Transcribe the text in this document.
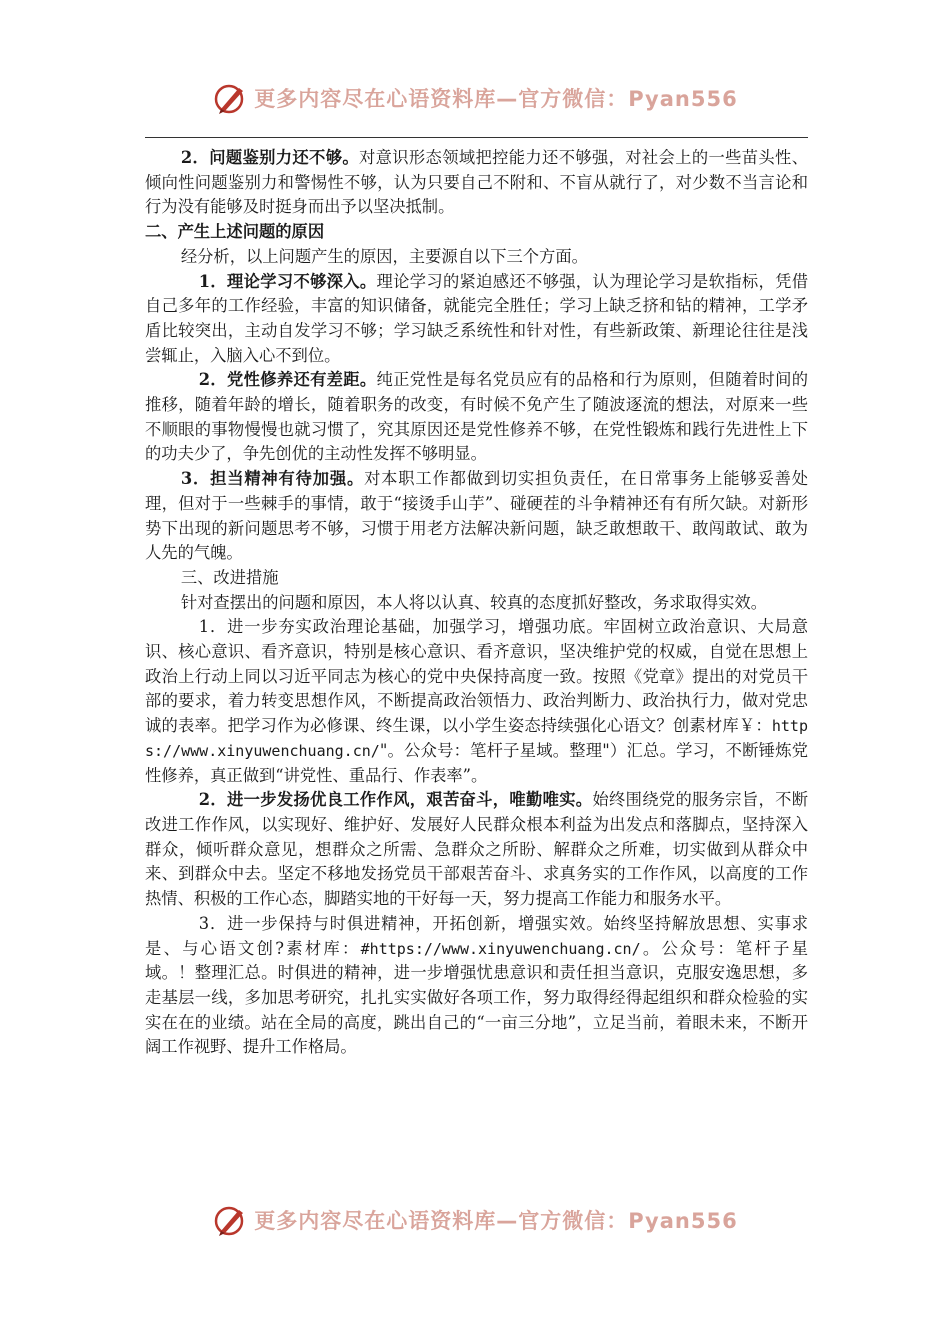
更多内容尽在心语资料库—官方微信：Pyan556

2．问题鉴别力还不够。对意识形态领域把控能力还不够强，对社会上的一些苗头性、倾向性问题鉴别力和警惕性不够，认为只要自己不附和、不盲从就行了，对少数不当言论和行为没有能够及时挺身而出予以坚决抵制。

二、产生上述问题的原因

经分析，以上问题产生的原因，主要源自以下三个方面。

1．理论学习不够深入。理论学习的紧迫感还不够强，认为理论学习是软指标，凭借自己多年的工作经验，丰富的知识储备，就能完全胜任；学习上缺乏挤和钻的精神，工学矛盾比较突出，主动自发学习不够；学习缺乏系统性和针对性，有些新政策、新理论往往是浅尝辄止，入脑入心不到位。

2．党性修养还有差距。纯正党性是每名党员应有的品格和行为原则，但随着时间的推移，随着年龄的增长，随着职务的改变，有时候不免产生了随波逐流的想法，对原来一些不顺眼的事物慢慢也就习惯了，究其原因还是党性修养不够，在党性锻炼和践行先进性上下的功夫少了，争先创优的主动性发挥不够明显。

3．担当精神有待加强。对本职工作都做到切实担负责任，在日常事务上能够妥善处理，但对于一些棘手的事情，敢于“接烫手山芋”、碰硬茬的斗争精神还有有所欠缺。对新形势下出现的新问题思考不够，习惯于用老方法解决新问题，缺乏敢想敢干、敢闯敢试、敢为人先的气魄。

三、改进措施

针对查摆出的问题和原因，本人将以认真、较真的态度抓好整改，务求取得实效。

1．进一步夯实政治理论基础，加强学习，增强功底。牢固树立政治意识、大局意识、核心意识、看齐意识，特别是核心意识、看齐意识，坚决维护党的权威，自觉在思想上政治上行动上同以习近平同志为核心的党中央保持高度一致。按照《党章》提出的对党员干部的要求，着力转变思想作风，不断提高政治领悟力、政治判断力、政治执行力，做对党忠诚的表率。把学习作为必修课、终生课，以小学生姿态持续强化心语文？创素材库￥：https://www.xinyuwenchuang.cn/"。公众号：笔杆子星域。整理"）汇总。学习，不断锤炼党性修养，真正做到“讲党性、重品行、作表率”。

2．进一步发扬优良工作作风，艰苦奋斗，唯勤唯实。始终围绕党的服务宗旨，不断改进工作作风，以实现好、维护好、发展好人民群众根本利益为出发点和落脚点，坚持深入群众，倾听群众意见，想群众之所需、急群众之所盼、解群众之所难，切实做到从群众中来、到群众中去。坚定不移地发扬党员干部艰苦奋斗、求真务实的工作作风，以高度的工作热情、积极的工作心态，脚踏实地的干好每一天，努力提高工作能力和服务水平。

3．进一步保持与时俱进精神，开拓创新，增强实效。始终坚持解放思想、实事求是、与心语文创?素材库：#https://www.xinyuwenchuang.cn/。公众号：笔杆子星域。！整理汇总。时俱进的精神，进一步增强忧患意识和责任担当意识，克服安逸思想，多走基层一线，多加思考研究，扎扎实实做好各项工作，努力取得经得起组织和群众检验的实实在在的业绩。站在全局的高度，跳出自己的“一亩三分地”，立足当前，着眼未来，不断开阔工作视野、提升工作格局。

更多内容尽在心语资料库—官方微信：Pyan556
